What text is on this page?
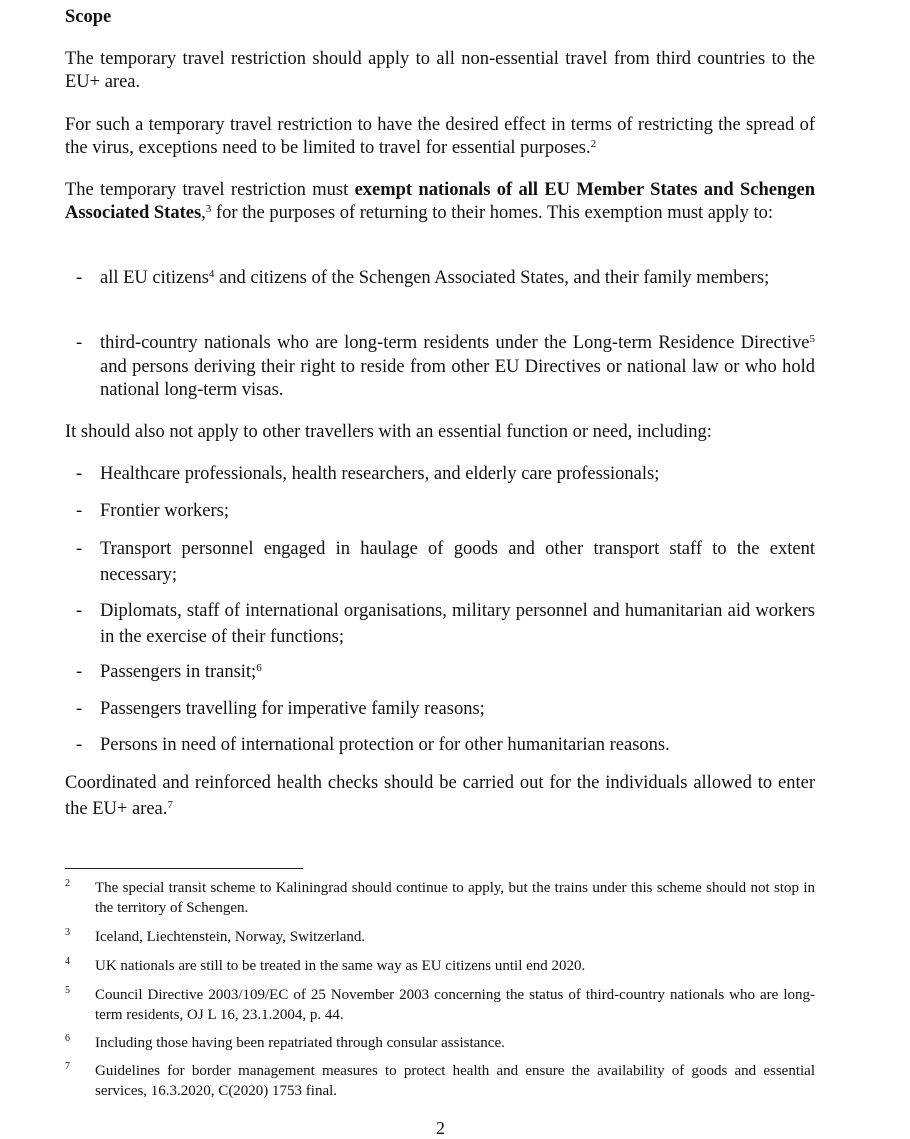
Scope
The temporary travel restriction should apply to all non-essential travel from third countries to the EU+ area.
For such a temporary travel restriction to have the desired effect in terms of restricting the spread of the virus, exceptions need to be limited to travel for essential purposes.$^2$
The temporary travel restriction must exempt nationals of all EU Member States and Schengen Associated States,$^3$ for the purposes of returning to their homes. This exemption must apply to:
- all EU citizens$^4$ and citizens of the Schengen Associated States, and their family members;
- third-country nationals who are long-term residents under the Long-term Residence Directive$^5$ and persons deriving their right to reside from other EU Directives or national law or who hold national long-term visas.
It should also not apply to other travellers with an essential function or need, including:
- Healthcare professionals, health researchers, and elderly care professionals;
- Frontier workers;
- Transport personnel engaged in haulage of goods and other transport staff to the extent necessary;
- Diplomats, staff of international organisations, military personnel and humanitarian aid workers in the exercise of their functions;
- Passengers in transit;$^6$
- Passengers travelling for imperative family reasons;
- Persons in need of international protection or for other humanitarian reasons.
Coordinated and reinforced health checks should be carried out for the individuals allowed to enter the EU+ area.$^7$
2 The special transit scheme to Kaliningrad should continue to apply, but the trains under this scheme should not stop in the territory of Schengen.
3 Iceland, Liechtenstein, Norway, Switzerland.
4 UK nationals are still to be treated in the same way as EU citizens until end 2020.
5 Council Directive 2003/109/EC of 25 November 2003 concerning the status of third-country nationals who are long-term residents, OJ L 16, 23.1.2004, p. 44.
6 Including those having been repatriated through consular assistance.
7 Guidelines for border management measures to protect health and ensure the availability of goods and essential services, 16.3.2020, C(2020) 1753 final.
2
